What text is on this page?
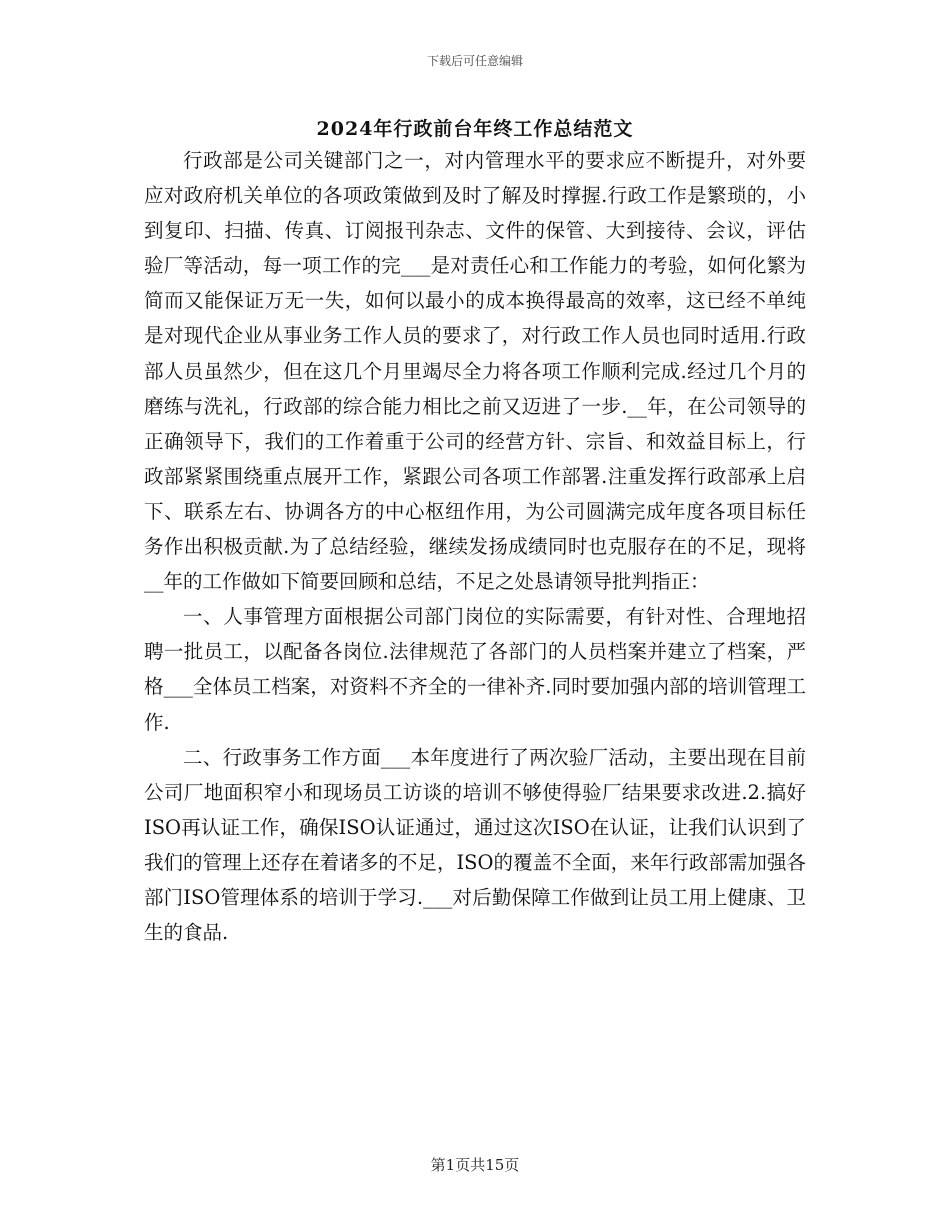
下载后可任意编辑
2024年行政前台年终工作总结范文

行政部是公司关键部门之一，对内管理水平的要求应不断提升，对外要应对政府机关单位的各项政策做到及时了解及时撑握.行政工作是繁琐的，小到复印、扫描、传真、订阅报刊杂志、文件的保管、大到接待、会议，评估验厂等活动，每一项工作的完___是对责任心和工作能力的考验，如何化繁为简而又能保证万无一失，如何以最小的成本换得最高的效率，这已经不单纯是对现代企业从事业务工作人员的要求了，对行政工作人员也同时适用.行政部人员虽然少，但在这几个月里竭尽全力将各项工作顺利完成.经过几个月的磨练与洗礼，行政部的综合能力相比之前又迈进了一步.__年，在公司领导的正确领导下，我们的工作着重于公司的经营方针、宗旨、和效益目标上，行政部紧紧围绕重点展开工作，紧跟公司各项工作部署.注重发挥行政部承上启下、联系左右、协调各方的中心枢纽作用，为公司圆满完成年度各项目标任务作出积极贡献.为了总结经验，继续发扬成绩同时也克服存在的不足，现将__年的工作做如下简要回顾和总结，不足之处恳请领导批判指正：

一、人事管理方面根据公司部门岗位的实际需要，有针对性、合理地招聘一批员工，以配备各岗位.法律规范了各部门的人员档案并建立了档案，严格___全体员工档案，对资料不齐全的一律补齐.同时要加强内部的培训管理工作.

二、行政事务工作方面___本年度进行了两次验厂活动，主要出现在目前公司厂地面积窄小和现场员工访谈的培训不够使得验厂结果要求改进.2.搞好ISO再认证工作，确保ISO认证通过，通过这次ISO在认证，让我们认识到了我们的管理上还存在着诸多的不足，ISO的覆盖不全面，来年行政部需加强各部门ISO管理体系的培训于学习.___对后勤保障工作做到让员工用上健康、卫生的食品.

第1页共15页
